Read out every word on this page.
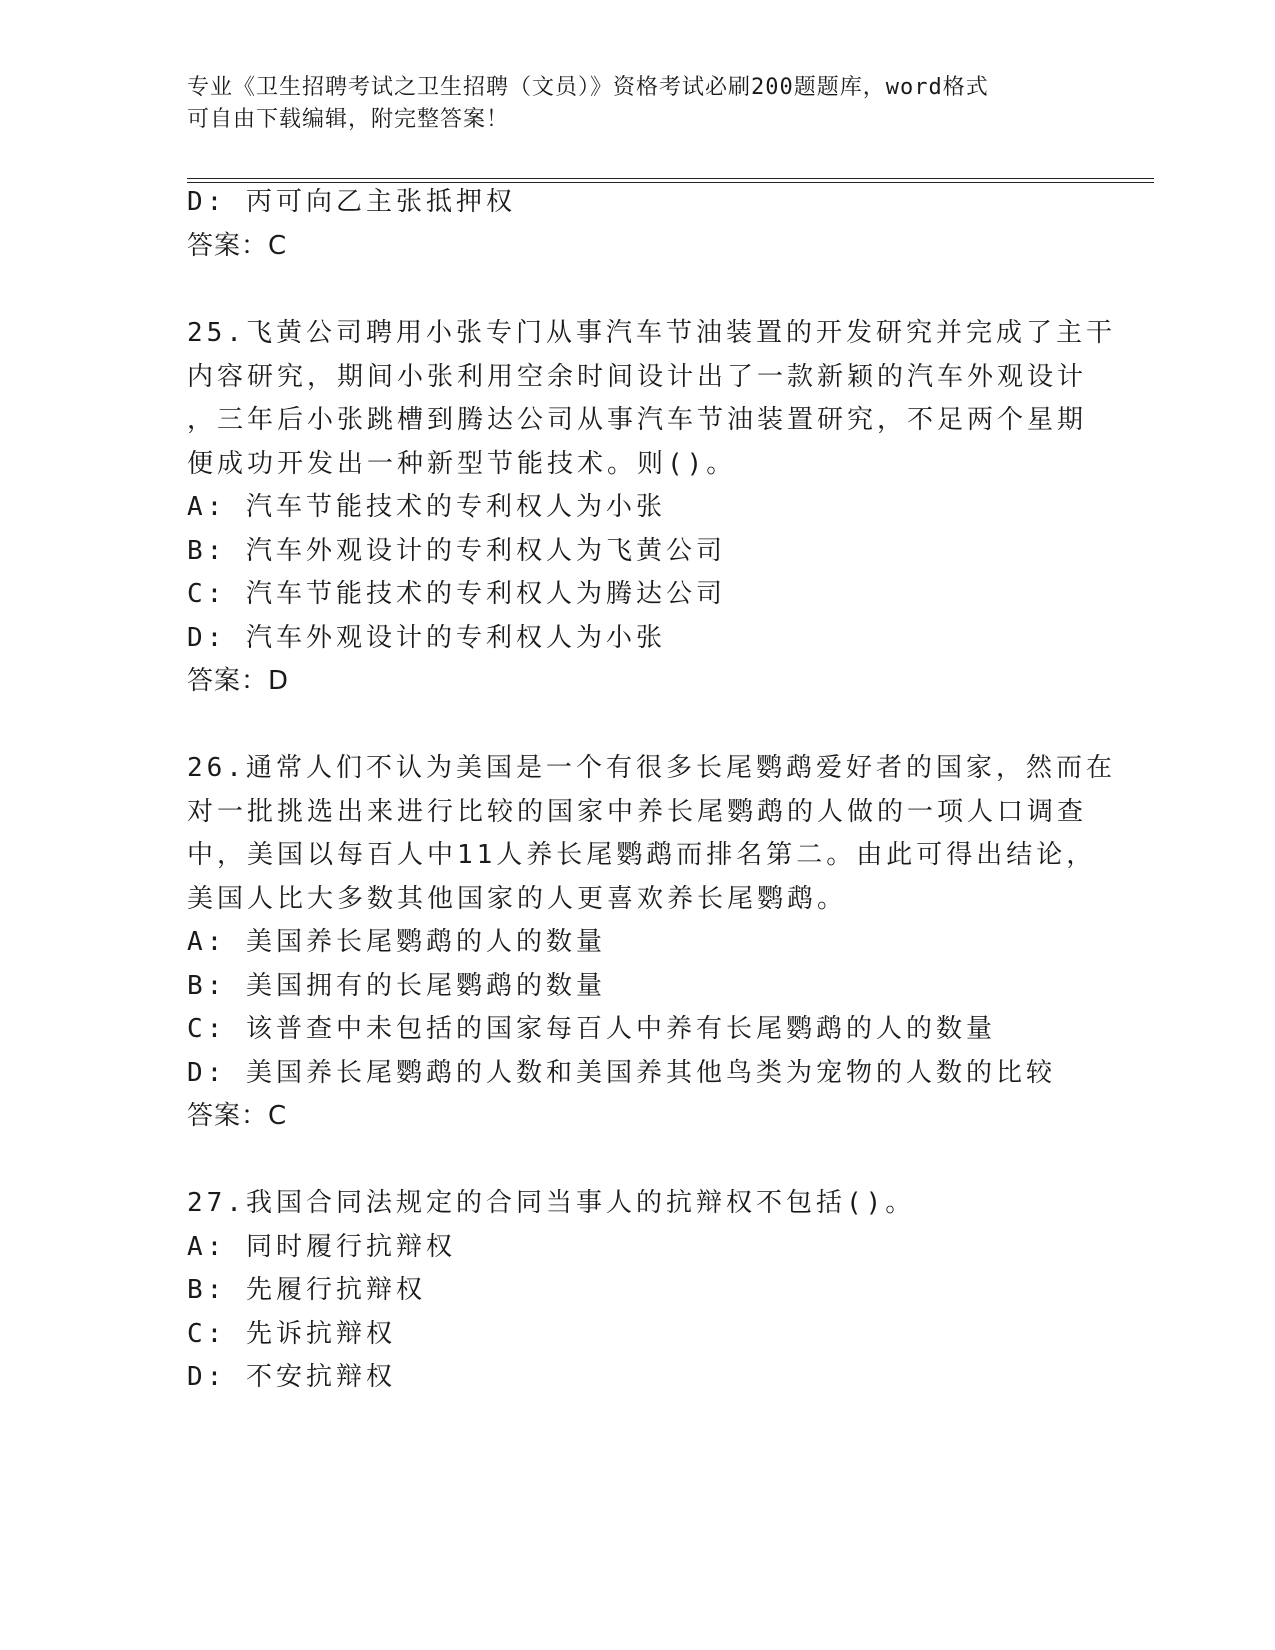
专业《卫生招聘考试之卫生招聘（文员）》资格考试必刷200题题库，word格式
可自由下载编辑，附完整答案！
D: 丙可向乙主张抵押权
答案：C
25.飞黄公司聘用小张专门从事汽车节油装置的开发研究并完成了主干
内容研究，期间小张利用空余时间设计出了一款新颖的汽车外观设计
，三年后小张跳槽到腾达公司从事汽车节油装置研究，不足两个星期
便成功开发出一种新型节能技术。则()。
A: 汽车节能技术的专利权人为小张
B: 汽车外观设计的专利权人为飞黄公司
C: 汽车节能技术的专利权人为腾达公司
D: 汽车外观设计的专利权人为小张
答案：D
26.通常人们不认为美国是一个有很多长尾鹦鹉爱好者的国家，然而在
对一批挑选出来进行比较的国家中养长尾鹦鹉的人做的一项人口调查
中，美国以每百人中11人养长尾鹦鹉而排名第二。由此可得出结论，
美国人比大多数其他国家的人更喜欢养长尾鹦鹉。
A: 美国养长尾鹦鹉的人的数量
B: 美国拥有的长尾鹦鹉的数量
C: 该普查中未包括的国家每百人中养有长尾鹦鹉的人的数量
D: 美国养长尾鹦鹉的人数和美国养其他鸟类为宠物的人数的比较
答案：C
27.我国合同法规定的合同当事人的抗辩权不包括()。
A: 同时履行抗辩权
B: 先履行抗辩权
C: 先诉抗辩权
D: 不安抗辩权
